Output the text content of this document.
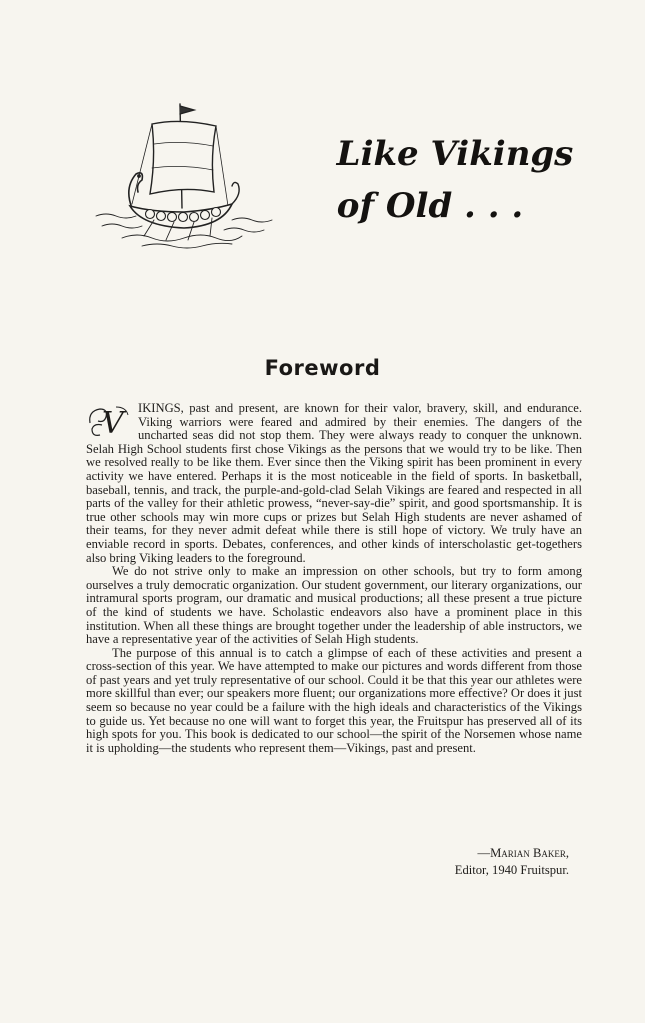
Like Vikings
of Old . . .
Foreword

V IKINGS, past and present, are known for their valor, bravery, skill, and endurance. Viking warriors were feared and admired by their enemies. The dangers of the uncharted seas did not stop them. They were always ready to conquer the unknown. Selah High School students first chose Vikings as the persons that we would try to be like. Then we resolved really to be like them. Ever since then the Viking spirit has been prominent in every activity we have entered. Perhaps it is the most noticeable in the field of sports. In basketball, baseball, tennis, and track, the purple-and-gold-clad Selah Vikings are feared and respected in all parts of the valley for their athletic prowess, “never-say-die” spirit, and good sportsmanship. It is true other schools may win more cups or prizes but Selah High students are never ashamed of their teams, for they never admit defeat while there is still hope of victory. We truly have an enviable record in sports. Debates, conferences, and other kinds of interscholastic get-togethers also bring Viking leaders to the foreground.

We do not strive only to make an impression on other schools, but try to form among ourselves a truly democratic organization. Our student government, our literary organizations, our intramural sports program, our dramatic and musical productions; all these present a true picture of the kind of students we have. Scholastic endeavors also have a prominent place in this institution. When all these things are brought together under the leadership of able instructors, we have a representative year of the activities of Selah High students.

The purpose of this annual is to catch a glimpse of each of these activities and present a cross-section of this year. We have attempted to make our pictures and words different from those of past years and yet truly representative of our school. Could it be that this year our athletes were more skillful than ever; our speakers more fluent; our organizations more effective? Or does it just seem so because no year could be a failure with the high ideals and characteristics of the Vikings to guide us. Yet because no one will want to forget this year, the Fruitspur has preserved all of its high spots for you. This book is dedicated to our school—the spirit of the Norsemen whose name it is upholding—the students who represent them—Vikings, past and present.

—Marian Baker,
Editor, 1940 Fruitspur.
